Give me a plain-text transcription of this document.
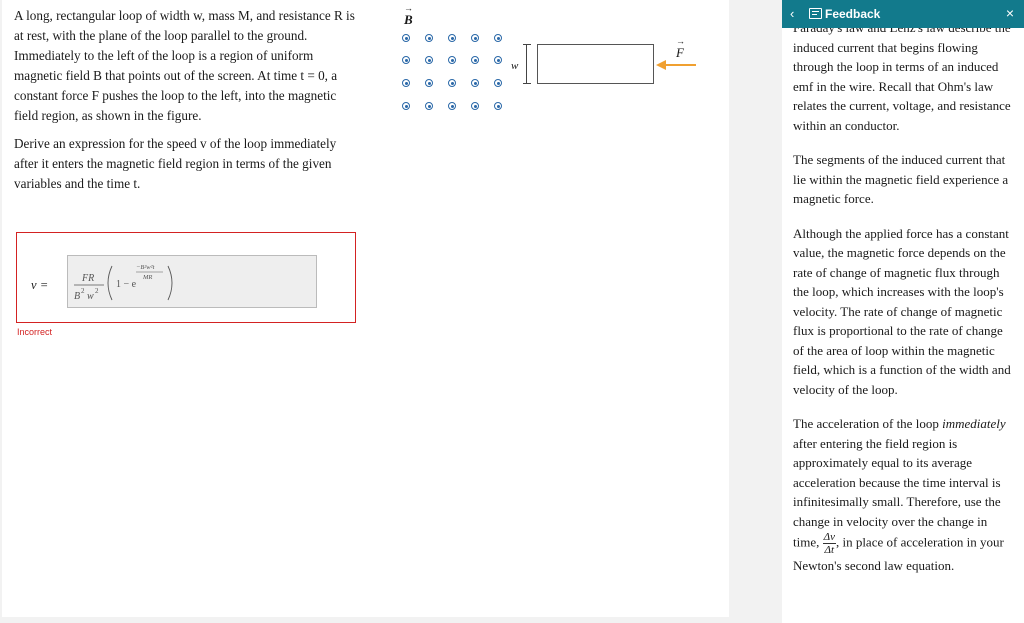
A long, rectangular loop of width w, mass M, and resistance R is at rest, with the plane of the loop parallel to the ground. Immediately to the left of the loop is a region of uniform magnetic field B that points out of the screen. At time t = 0, a constant force F pushes the loop to the left, into the magnetic field region, as shown in the figure.

Derive an expression for the speed v of the loop immediately after it enters the magnetic field region in terms of the given variables and the time t.

→ B
w
→ F
v =	FR
B 2 w 2
1 − e
−B²w²t
MR
Incorrect

induced current that begins flowing through the loop in terms of an induced emf in the wire. Recall that Ohm's law relates the current, voltage, and resistance within an conductor.

The segments of the induced current that lie within the magnetic field experience a magnetic force.

Although the applied force has a constant value, the magnetic force depends on the rate of change of magnetic flux through the loop, which increases with the loop's velocity. The rate of change of magnetic flux is proportional to the rate of change of the area of loop within the magnetic field, which is a function of the width and velocity of the loop.

The acceleration of the loop immediately after entering the field region is approximately equal to its average acceleration because the time interval is infinitesimally small. Therefore, use the change in velocity over the change in time, $\frac{\Delta v}{\Delta t}$ , in place of acceleration in your Newton's second law equation.

‹	Feedback	×
